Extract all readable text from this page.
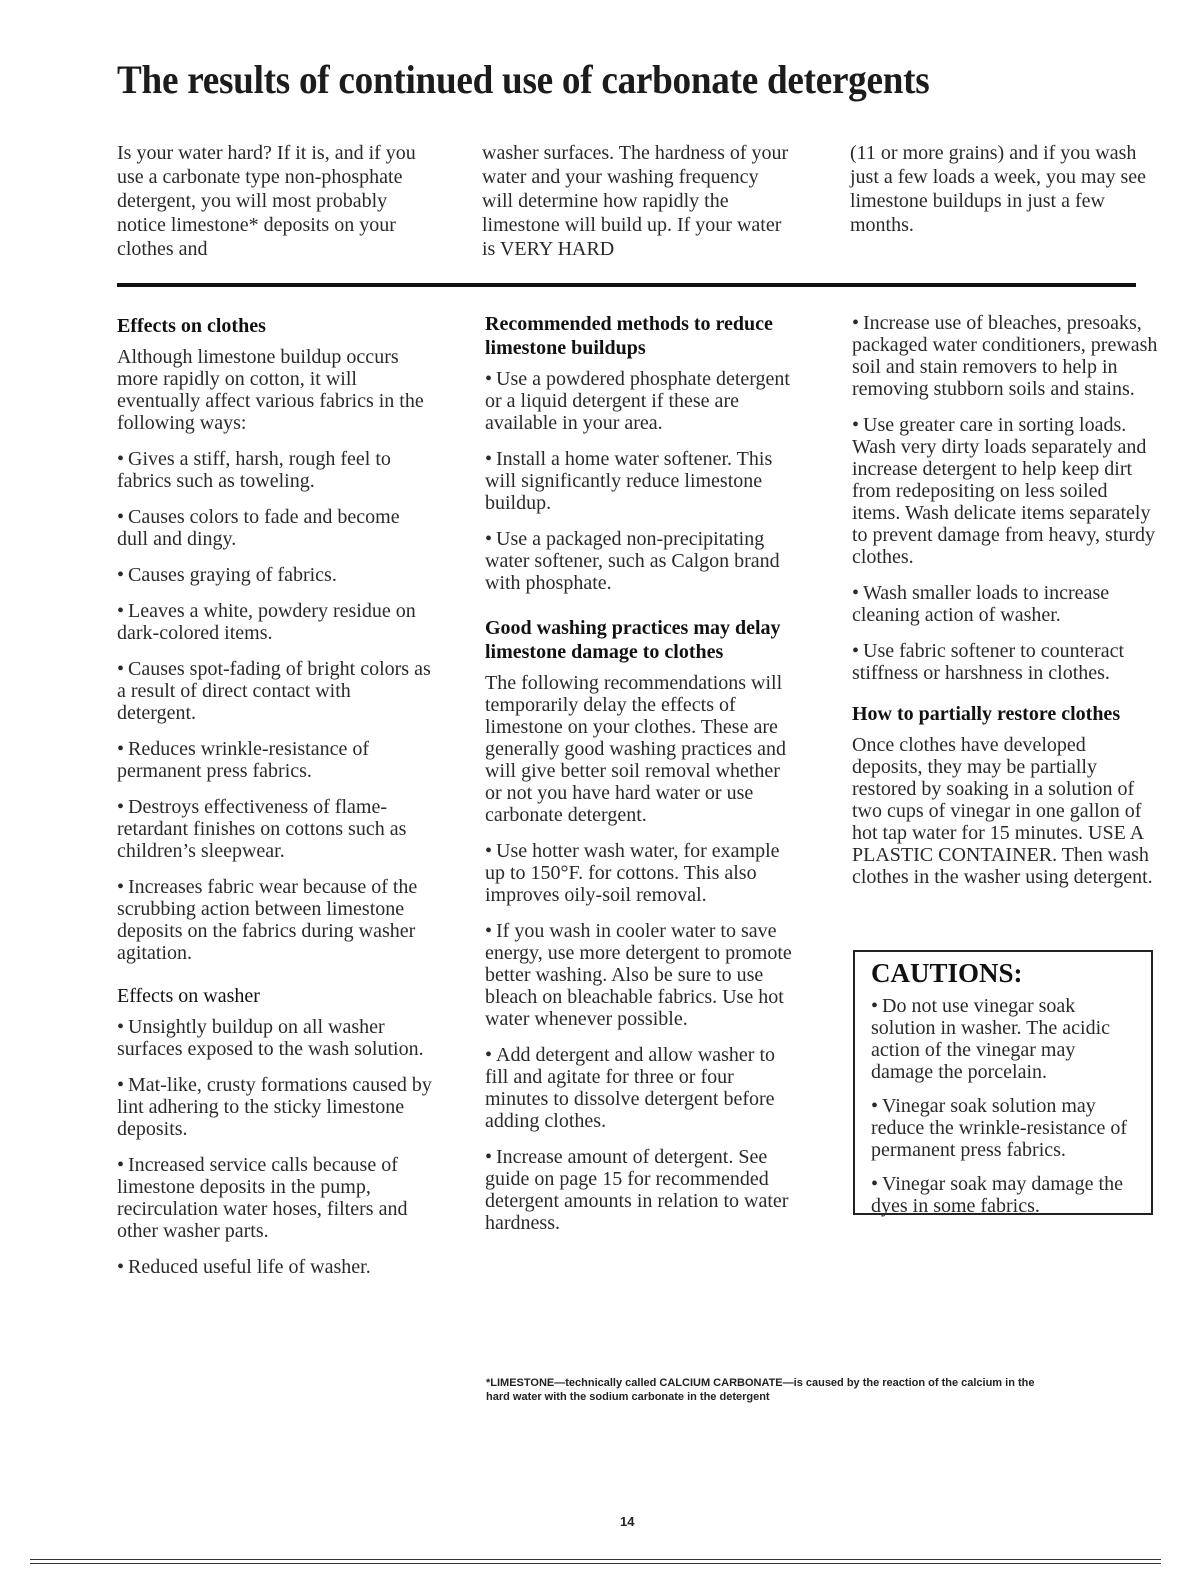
The results of continued use of carbonate detergents

Is your water hard? If it is, and if you use a carbonate type non-phosphate detergent, you will most probably notice limestone* deposits on your clothes and

washer surfaces. The hardness of your water and your washing frequency will determine how rapidly the limestone will build up. If your water is VERY HARD

(11 or more grains) and if you wash just a few loads a week, you may see limestone buildups in just a few months.

Effects on clothes

Although limestone buildup occurs more rapidly on cotton, it will eventually affect various fabrics in the following ways:

• Gives a stiff, harsh, rough feel to fabrics such as toweling.
• Causes colors to fade and become dull and dingy.
• Causes graying of fabrics.
• Leaves a white, powdery residue on dark-colored items.
• Causes spot-fading of bright colors as a result of direct contact with detergent.
• Reduces wrinkle-resistance of permanent press fabrics.
• Destroys effectiveness of flame-retardant finishes on cottons such as children’s sleepwear.
• Increases fabric wear because of the scrubbing action between limestone deposits on the fabrics during washer agitation.
Effects on washer
• Unsightly buildup on all washer surfaces exposed to the wash solution.
• Mat-like, crusty formations caused by lint adhering to the sticky limestone deposits.
• Increased service calls because of limestone deposits in the pump, recirculation water hoses, filters and other washer parts.
• Reduced useful life of washer.
Recommended methods to reduce limestone buildups
• Use a powdered phosphate detergent or a liquid detergent if these are available in your area.
• Install a home water softener. This will significantly reduce limestone buildup.
• Use a packaged non-precipitating water softener, such as Calgon brand with phosphate.
Good washing practices may delay limestone damage to clothes

The following recommendations will temporarily delay the effects of limestone on your clothes. These are generally good washing practices and will give better soil removal whether or not you have hard water or use carbonate detergent.

• Use hotter wash water, for example up to 150°F. for cottons. This also improves oily-soil removal.
• If you wash in cooler water to save energy, use more detergent to promote better washing. Also be sure to use bleach on bleachable fabrics. Use hot water whenever possible.
• Add detergent and allow washer to fill and agitate for three or four minutes to dissolve detergent before adding clothes.
• Increase amount of detergent. See guide on page 15 for recommended detergent amounts in relation to water hardness.
• Increase use of bleaches, presoaks, packaged water conditioners, prewash soil and stain removers to help in removing stubborn soils and stains.
• Use greater care in sorting loads. Wash very dirty loads separately and increase detergent to help keep dirt from redepositing on less soiled items. Wash delicate items separately to prevent damage from heavy, sturdy clothes.
• Wash smaller loads to increase cleaning action of washer.
• Use fabric softener to counteract stiffness or harshness in clothes.
How to partially restore clothes

Once clothes have developed deposits, they may be partially restored by soaking in a solution of two cups of vinegar in one gallon of hot tap water for 15 minutes. USE A PLASTIC CONTAINER. Then wash clothes in the washer using detergent.

CAUTIONS:
• Do not use vinegar soak solution in washer. The acidic action of the vinegar may damage the porcelain.
• Vinegar soak solution may reduce the wrinkle-resistance of permanent press fabrics.
• Vinegar soak may damage the dyes in some fabrics.

*LIMESTONE—technically called CALCIUM CARBONATE—is caused by the reaction of the calcium in the hard water with the sodium carbonate in the detergent

14
